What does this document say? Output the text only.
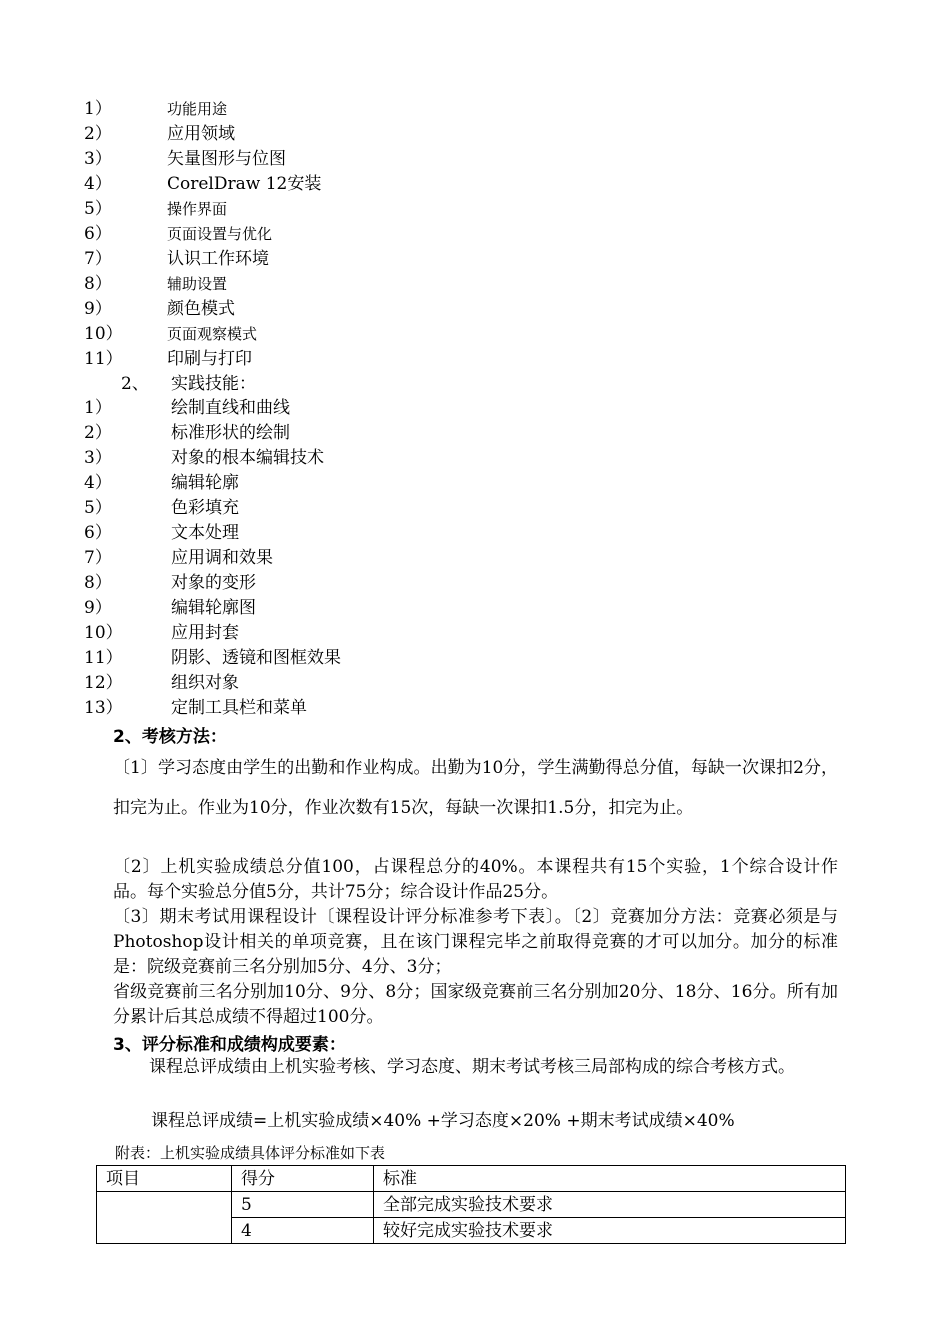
1）	功能用途
2）	应用领域
3）	矢量图形与位图
4）	CorelDraw 12安装
5）	操作界面
6）	页面设置与优化
7）	认识工作环境
8）	辅助设置
9）	颜色模式
10）	页面观察模式
11）	印刷与打印
2、 实践技能：
1）	绘制直线和曲线
2）	标准形状的绘制
3）	对象的根本编辑技术
4）	编辑轮廓
5）	色彩填充
6）	文本处理
7）	应用调和效果
8）	对象的变形
9）	编辑轮廓图
10）	应用封套
11）	阴影、透镜和图框效果
12）	组织对象
13）	定制工具栏和菜单
2、考核方法：
〔1〕学习态度由学生的出勤和作业构成。出勤为10分，学生满勤得总分值，每缺一次课扣2分，扣完为止。作业为10分，作业次数有15次，每缺一次课扣1.5分，扣完为止。
〔2〕上机实验成绩总分值100，占课程总分的40%。本课程共有15个实验，1个综合设计作品。每个实验总分值5分，共计75分；综合设计作品25分。
〔3〕期末考试用课程设计〔课程设计评分标准参考下表〕。〔2〕竞赛加分方法：竞赛必须是与Photoshop设计相关的单项竞赛，且在该门课程完毕之前取得竞赛的才可以加分。加分的标准是：院级竞赛前三名分别加5分、4分、3分；
省级竞赛前三名分别加10分、9分、8分；国家级竞赛前三名分别加20分、18分、16分。所有加分累计后其总成绩不得超过100分。
3、评分标准和成绩构成要素：
课程总评成绩由上机实验考核、学习态度、期末考试考核三局部构成的综合考核方式。
课程总评成绩=上机实验成绩×40% +学习态度×20% +期末考试成绩×40%
附表：上机实验成绩具体评分标准如下表
项目	得分	标准
	5	全部完成实验技术要求
	4	较好完成实验技术要求
